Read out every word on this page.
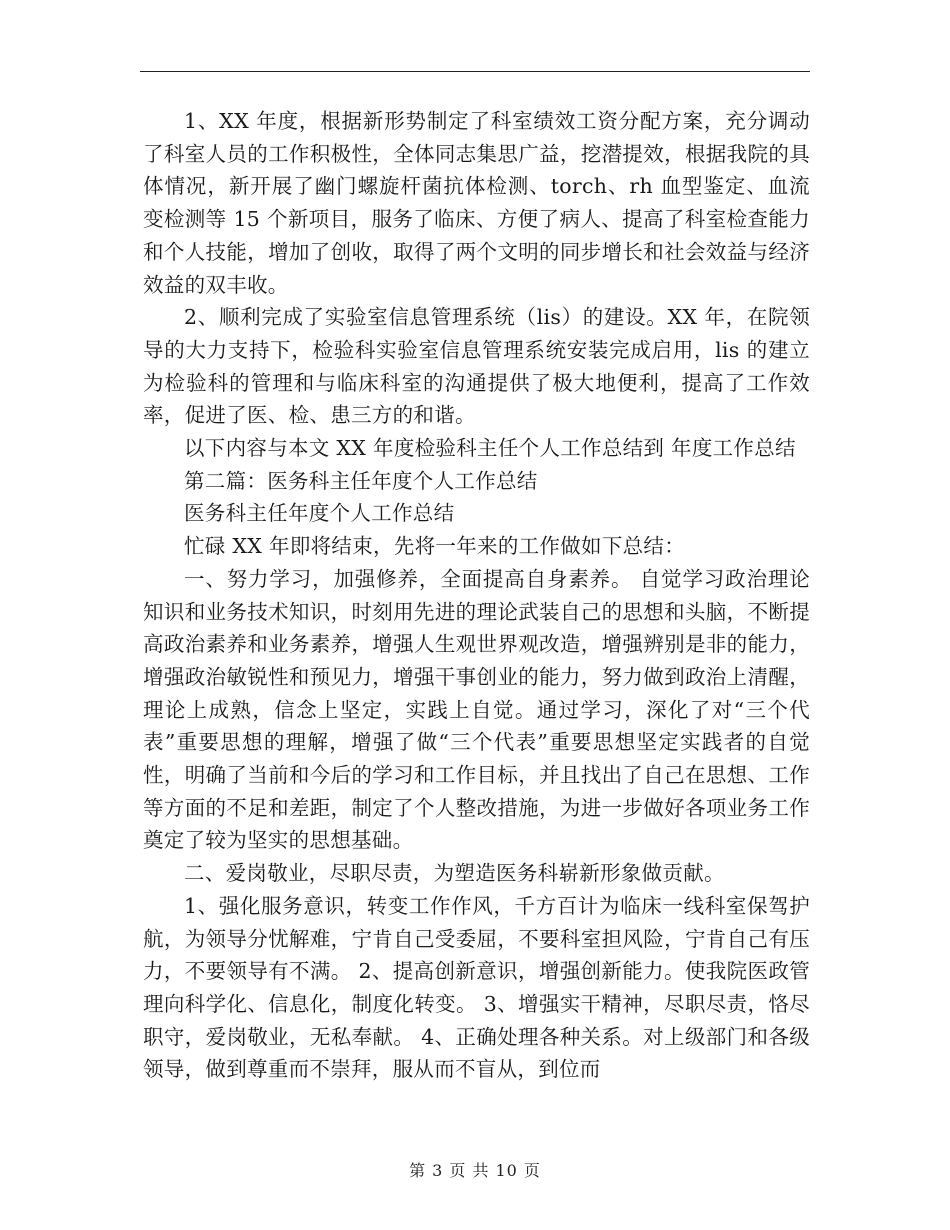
1、XX 年度，根据新形势制定了科室绩效工资分配方案，充分调动了科室人员的工作积极性，全体同志集思广益，挖潜提效，根据我院的具体情况，新开展了幽门螺旋杆菌抗体检测、torch、rh 血型鉴定、血流变检测等 15 个新项目，服务了临床、方便了病人、提高了科室检查能力和个人技能，增加了创收，取得了两个文明的同步增长和社会效益与经济效益的双丰收。

2、顺利完成了实验室信息管理系统（lis）的建设。XX 年，在院领导的大力支持下，检验科实验室信息管理系统安装完成启用，lis 的建立为检验科的管理和与临床科室的沟通提供了极大地便利，提高了工作效率，促进了医、检、患三方的和谐。

以下内容与本文 XX 年度检验科主任个人工作总结到 年度工作总结

第二篇：医务科主任年度个人工作总结

医务科主任年度个人工作总结

忙碌 XX 年即将结束，先将一年来的工作做如下总结：

一、努力学习，加强修养，全面提高自身素养。 自觉学习政治理论知识和业务技术知识，时刻用先进的理论武装自己的思想和头脑，不断提高政治素养和业务素养，增强人生观世界观改造，增强辨别是非的能力，增强政治敏锐性和预见力，增强干事创业的能力，努力做到政治上清醒，理论上成熟，信念上坚定，实践上自觉。通过学习，深化了对“三个代表”重要思想的理解，增强了做“三个代表”重要思想坚定实践者的自觉性，明确了当前和今后的学习和工作目标，并且找出了自己在思想、工作等方面的不足和差距，制定了个人整改措施，为进一步做好各项业务工作奠定了较为坚实的思想基础。

二、爱岗敬业，尽职尽责，为塑造医务科崭新形象做贡献。

1、强化服务意识，转变工作作风，千方百计为临床一线科室保驾护航，为领导分忧解难，宁肯自己受委屈，不要科室担风险，宁肯自己有压力，不要领导有不满。 2、提高创新意识，增强创新能力。使我院医政管理向科学化、信息化，制度化转变。 3、增强实干精神，尽职尽责，恪尽职守，爱岗敬业，无私奉献。 4、正确处理各种关系。对上级部门和各级领导，做到尊重而不崇拜，服从而不盲从，到位而

第 3 页 共 10 页
